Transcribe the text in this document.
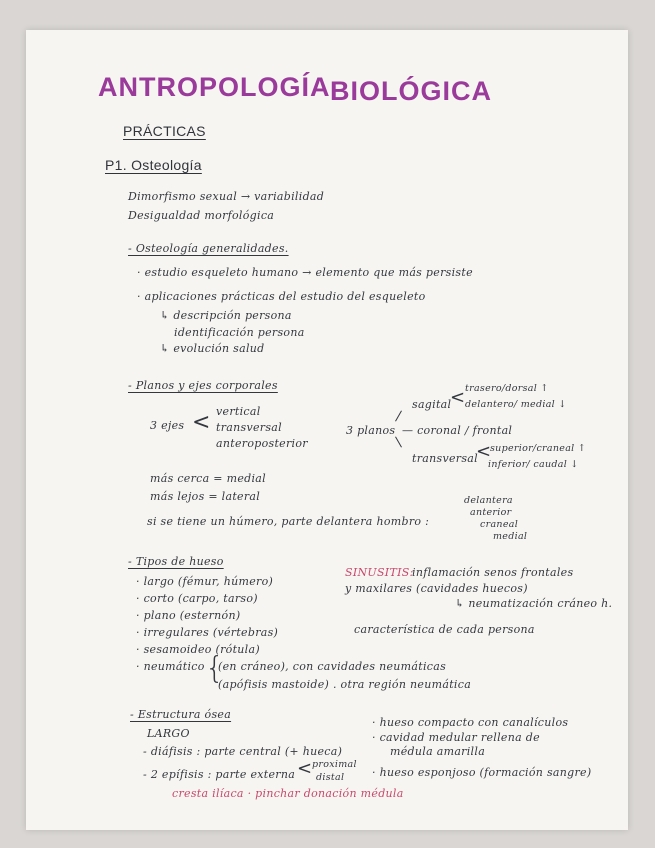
ANTROPOLOGÍA BIOLÓGICA
PRÁCTICAS
P1. Osteología
Dimorfismo sexual → variabilidad
Desigualdad morfológica
- Osteología generalidades.
· estudio esqueleto humano → elemento que más persiste
· aplicaciones prácticas del estudio del esqueleto
↳ descripción persona
identificación persona
↳ evolución salud
- Planos y ejes corporales
3 ejes < vertical
transversal
anteroposterior
3 planos
sagital
< trasero/dorsal ↑
delantero/ medial ↓
— coronal / frontal
transversal
<
superior/craneal ↑
inferior/ caudal ↓
más cerca = medial
más lejos = lateral
si se tiene un húmero, parte delantera hombro :
delantera
anterior
craneal
medial
- Tipos de hueso
· largo (fémur, húmero)
· corto (carpo, tarso)
· plano (esternón)
· irregulares (vértebras)
· sesamoideo (rótula)
· neumático {
(en cráneo), con cavidades neumáticas
(apófisis mastoide) . otra región neumática
SINUSITIS:
inflamación senos frontales
y maxilares (cavidades huecos)
↳ neumatización cráneo h.
característica de cada persona
- Estructura ósea
LARGO
- diáfisis : parte central (+ hueca)
- 2 epífisis : parte externa < proximal
distal
· hueso compacto con canalículos
· cavidad medular rellena de
médula amarilla
· hueso esponjoso (formación sangre)
cresta ilíaca · pinchar donación médula
